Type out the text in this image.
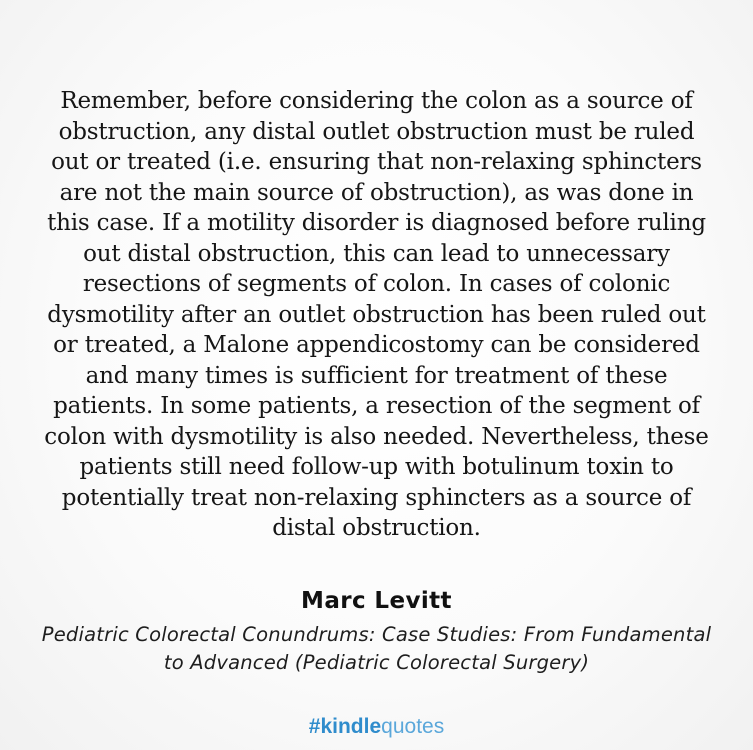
Remember, before considering the colon as a source of obstruction, any distal outlet obstruction must be ruled out or treated (i.e. ensuring that non-relaxing sphincters are not the main source of obstruction), as was done in this case. If a motility disorder is diagnosed before ruling out distal obstruction, this can lead to unnecessary resections of segments of colon. In cases of colonic dysmotility after an outlet obstruction has been ruled out or treated, a Malone appendicostomy can be considered and many times is sufficient for treatment of these patients. In some patients, a resection of the segment of colon with dysmotility is also needed. Nevertheless, these patients still need follow-up with botulinum toxin to potentially treat non-relaxing sphincters as a source of distal obstruction.

Marc Levitt
Pediatric Colorectal Conundrums: Case Studies: From Fundamental to Advanced (Pediatric Colorectal Surgery)
#kindlequotes
